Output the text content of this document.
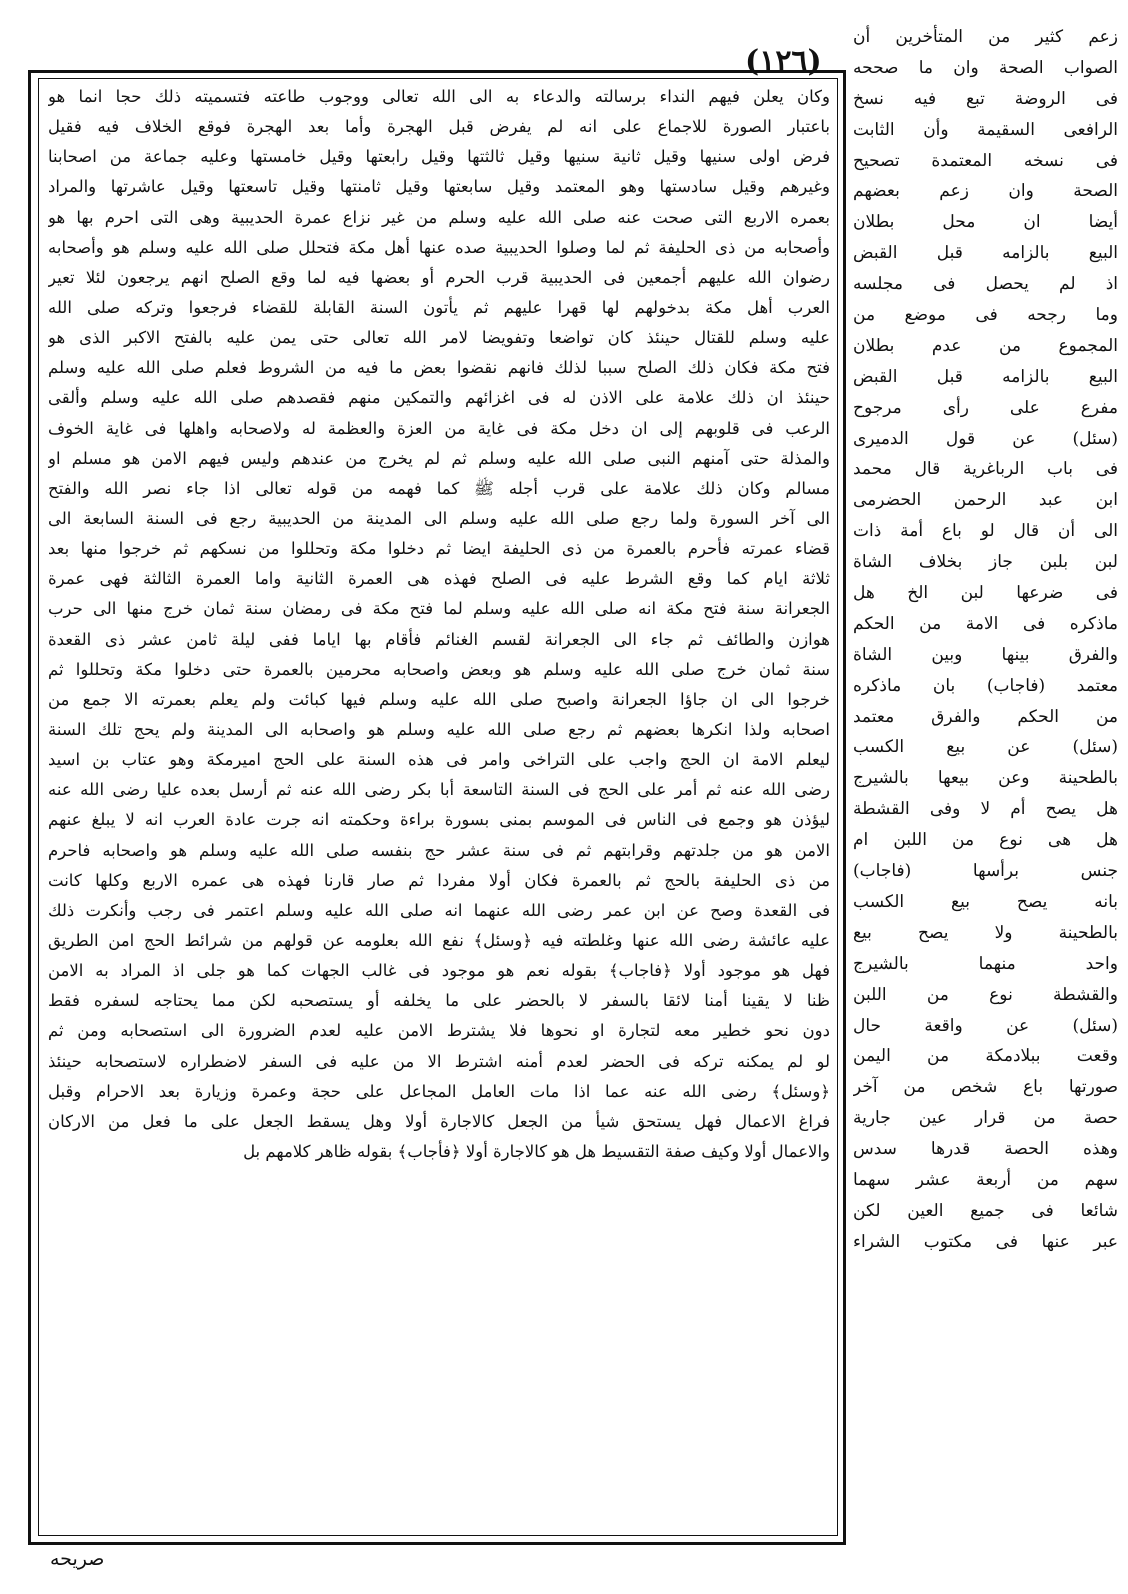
(١٢٦)
وكان يعلن فيهم النداء برسالته والدعاء به الى الله تعالى ووجوب طاعته فتسميته ذلك حجا انما هو
باعتبار الصورة للاجماع على انه لم يفرض قبل الهجرة وأما بعد الهجرة فوقع الخلاف فيه فقيل
فرض اولى سنيها وقيل ثانية سنيها وقيل ثالثتها وقيل رابعتها وقيل خامستها وعليه جماعة من اصحابنا
وغيرهم وقيل سادستها وهو المعتمد وقيل سابعتها وقيل ثامنتها وقيل تاسعتها وقيل عاشرتها والمراد
بعمره الاربع التى صحت عنه صلى الله عليه وسلم من غير نزاع عمرة الحديبية وهى التى احرم بها هو
وأصحابه من ذى الحليفة ثم لما وصلوا الحديبية صده عنها أهل مكة فتحلل صلى الله عليه وسلم هو وأصحابه
رضوان الله عليهم أجمعين فى الحديبية قرب الحرم أو بعضها فيه لما وقع الصلح انهم يرجعون لئلا تعير
العرب أهل مكة بدخولهم لها قهرا عليهم ثم يأتون السنة القابلة للقضاء فرجعوا وتركه صلى الله
عليه وسلم للقتال حينئذ كان تواضعا وتفويضا لامر الله تعالى حتى يمن عليه بالفتح الاكبر الذى هو
فتح مكة فكان ذلك الصلح سببا لذلك فانهم نقضوا بعض ما فيه من الشروط فعلم صلى الله عليه وسلم
حينئذ ان ذلك علامة على الاذن له فى اغزائهم والتمكين منهم فقصدهم صلى الله عليه وسلم وألقى
الرعب فى قلوبهم إلى ان دخل مكة فى غاية من العزة والعظمة له ولاصحابه واهلها فى غاية الخوف
والمذلة حتى آمنهم النبى صلى الله عليه وسلم ثم لم يخرج من عندهم وليس فيهم الامن هو مسلم او
مسالم وكان ذلك علامة على قرب أجله ﷺ كما فهمه من قوله تعالى اذا جاء نصر الله والفتح
الى آخر السورة ولما رجع صلى الله عليه وسلم الى المدينة من الحديبية رجع فى السنة السابعة الى
قضاء عمرته فأحرم بالعمرة من ذى الحليفة ايضا ثم دخلوا مكة وتحللوا من نسكهم ثم خرجوا منها بعد
ثلاثة ايام كما وقع الشرط عليه فى الصلح فهذه هى العمرة الثانية واما العمرة الثالثة فهى عمرة
الجعرانة سنة فتح مكة انه صلى الله عليه وسلم لما فتح مكة فى رمضان سنة ثمان خرج منها الى حرب
هوازن والطائف ثم جاء الى الجعرانة لقسم الغنائم فأقام بها اياما ففى ليلة ثامن عشر ذى القعدة
سنة ثمان خرج صلى الله عليه وسلم هو وبعض واصحابه محرمين بالعمرة حتى دخلوا مكة وتحللوا ثم
خرجوا الى ان جاؤا الجعرانة واصبح صلى الله عليه وسلم فيها كبائت ولم يعلم بعمرته الا جمع من
اصحابه ولذا انكرها بعضهم ثم رجع صلى الله عليه وسلم هو واصحابه الى المدينة ولم يحج تلك السنة
ليعلم الامة ان الحج واجب على التراخى وامر فى هذه السنة على الحج اميرمكة وهو عتاب بن اسيد
رضى الله عنه ثم أمر على الحج فى السنة التاسعة أبا بكر رضى الله عنه ثم أرسل بعده عليا رضى الله عنه
ليؤذن هو وجمع فى الناس فى الموسم بمنى بسورة براءة وحكمته انه جرت عادة العرب انه لا يبلغ عنهم
الامن هو من جلدتهم وقرابتهم ثم فى سنة عشر حج بنفسه صلى الله عليه وسلم هو واصحابه فاحرم
من ذى الحليفة بالحج ثم بالعمرة فكان أولا مفردا ثم صار قارنا فهذه هى عمره الاربع وكلها كانت
فى القعدة وصح عن ابن عمر رضى الله عنهما انه صلى الله عليه وسلم اعتمر فى رجب وأنكرت ذلك
عليه عائشة رضى الله عنها وغلطته فيه ﴿وسئل﴾ نفع الله بعلومه عن قولهم من شرائط الحج امن الطريق
فهل هو موجود أولا ﴿فاجاب﴾ بقوله نعم هو موجود فى غالب الجهات كما هو جلى اذ المراد به الامن
ظنا لا يقينا أمنا لائقا بالسفر لا بالحضر على ما يخلفه أو يستصحبه لكن مما يحتاجه لسفره فقط
دون نحو خطير معه لتجارة او نحوها فلا يشترط الامن عليه لعدم الضرورة الى استصحابه ومن ثم
لو لم يمكنه تركه فى الحضر لعدم أمنه اشترط الا من عليه فى السفر لاضطراره لاستصحابه حينئذ
﴿وسئل﴾ رضى الله عنه عما اذا مات العامل المجاعل على حجة وعمرة وزيارة بعد الاحرام وقبل
فراغ الاعمال فهل يستحق شيأ من الجعل كالاجارة أولا وهل يسقط الجعل على ما فعل من الاركان
والاعمال أولا وكيف صفة التقسيط هل هو كالاجارة أولا ﴿فأجاب﴾ بقوله ظاهر كلامهم بل
زعم كثير من المتأخرين أن
الصواب الصحة وان ما صححه
فى الروضة تبع فيه نسخ
الرافعى السقيمة وأن الثابت
فى نسخه المعتمدة تصحيح
الصحة وان زعم بعضهم
أيضا ان محل بطلان
البيع بالزامه قبل القبض
اذ لم يحصل فى مجلسه
وما رجحه فى موضع من
المجموع من عدم بطلان
البيع بالزامه قبل القبض
مفرع على رأى مرجوح
(سئل) عن قول الدميرى
فى باب الرباغرية قال محمد
ابن عبد الرحمن الحضرمى
الى أن قال لو باع أمة ذات
لبن بلبن جاز بخلاف الشاة
فى ضرعها لبن الخ هل
ماذكره فى الامة من الحكم
والفرق بينها وبين الشاة
معتمد (فاجاب) بان ماذكره
من الحكم والفرق معتمد
(سئل) عن بيع الكسب
بالطحينة وعن بيعها بالشيرج
هل يصح أم لا وفى القشطة
هل هى نوع من اللبن ام
جنس برأسها (فاجاب)
بانه يصح بيع الكسب
بالطحينة ولا يصح بيع
واحد منهما بالشيرج
والقشطة نوع من اللبن
(سئل) عن واقعة حال
وقعت ببلادمكة من اليمن
صورتها باع شخص من آخر
حصة من قرار عين جارية
وهذه الحصة قدرها سدس
سهم من أربعة عشر سهما
شائعا فى جميع العين لكن
عبر عنها فى مكتوب الشراء
صريحه
